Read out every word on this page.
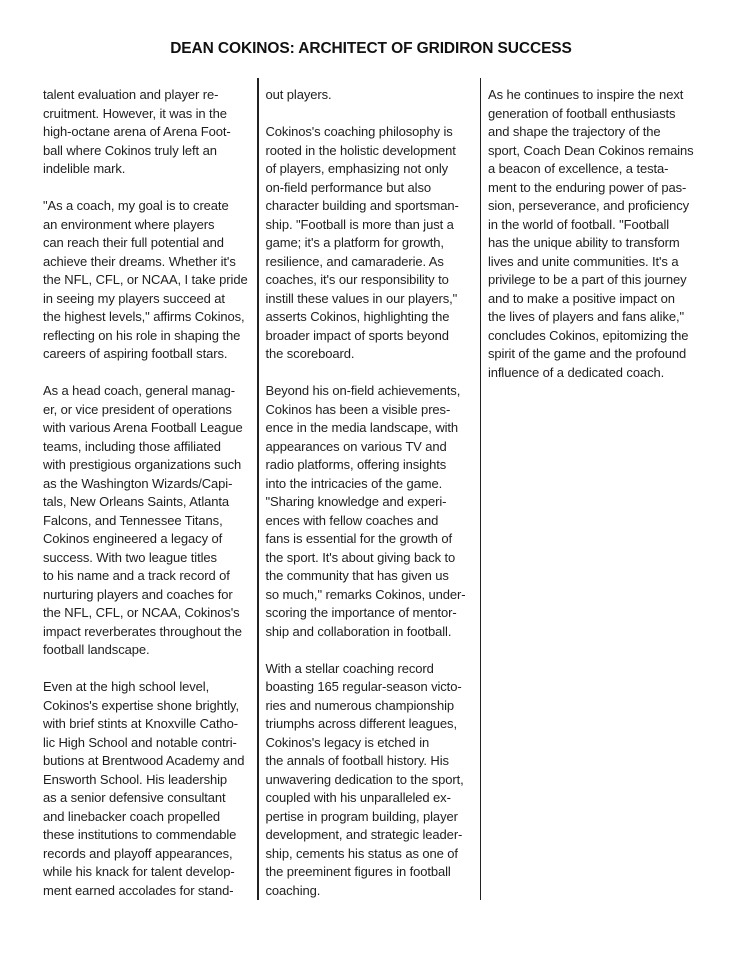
DEAN COKINOS: ARCHITECT OF GRIDIRON SUCCESS

talent evaluation and player re-
cruitment. However, it was in the
high-octane arena of Arena Foot-
ball where Cokinos truly left an
indelible mark.

"As a coach, my goal is to create
an environment where players
can reach their full potential and
achieve their dreams. Whether it's
the NFL, CFL, or NCAA, I take pride
in seeing my players succeed at
the highest levels," affirms Cokinos,
reflecting on his role in shaping the
careers of aspiring football stars.

As a head coach, general manag-
er, or vice president of operations
with various Arena Football League
teams, including those affiliated
with prestigious organizations such
as the Washington Wizards/Capi-
tals, New Orleans Saints, Atlanta
Falcons, and Tennessee Titans,
Cokinos engineered a legacy of
success. With two league titles
to his name and a track record of
nurturing players and coaches for
the NFL, CFL, or NCAA, Cokinos's
impact reverberates throughout the
football landscape.

Even at the high school level,
Cokinos's expertise shone brightly,
with brief stints at Knoxville Catho-
lic High School and notable contri-
butions at Brentwood Academy and
Ensworth School. His leadership
as a senior defensive consultant
and linebacker coach propelled
these institutions to commendable
records and playoff appearances,
while his knack for talent develop-
ment earned accolades for stand-

out players.

Cokinos's coaching philosophy is
rooted in the holistic development
of players, emphasizing not only
on-field performance but also
character building and sportsman-
ship. "Football is more than just a
game; it's a platform for growth,
resilience, and camaraderie. As
coaches, it's our responsibility to
instill these values in our players,"
asserts Cokinos, highlighting the
broader impact of sports beyond
the scoreboard.

Beyond his on-field achievements,
Cokinos has been a visible pres-
ence in the media landscape, with
appearances on various TV and
radio platforms, offering insights
into the intricacies of the game.
"Sharing knowledge and experi-
ences with fellow coaches and
fans is essential for the growth of
the sport. It's about giving back to
the community that has given us
so much," remarks Cokinos, under-
scoring the importance of mentor-
ship and collaboration in football.

With a stellar coaching record
boasting 165 regular-season victo-
ries and numerous championship
triumphs across different leagues,
Cokinos's legacy is etched in
the annals of football history. His
unwavering dedication to the sport,
coupled with his unparalleled ex-
pertise in program building, player
development, and strategic leader-
ship, cements his status as one of
the preeminent figures in football
coaching.

As he continues to inspire the next
generation of football enthusiasts
and shape the trajectory of the
sport, Coach Dean Cokinos remains
a beacon of excellence, a testa-
ment to the enduring power of pas-
sion, perseverance, and proficiency
in the world of football. "Football
has the unique ability to transform
lives and unite communities. It's a
privilege to be a part of this journey
and to make a positive impact on
the lives of players and fans alike,"
concludes Cokinos, epitomizing the
spirit of the game and the profound
influence of a dedicated coach.
